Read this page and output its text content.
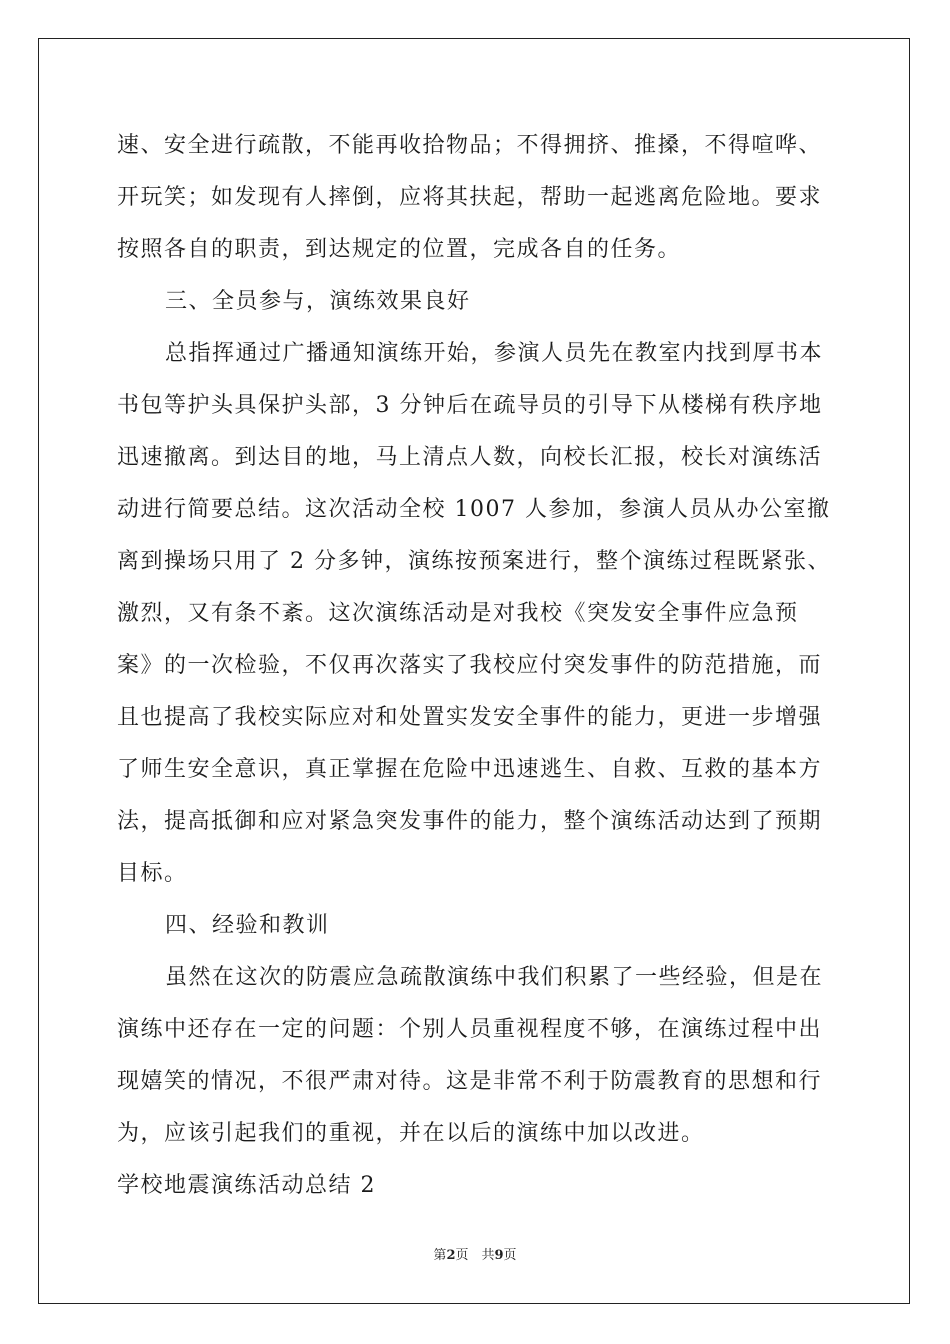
速、安全进行疏散，不能再收拾物品；不得拥挤、推搡，不得喧哗、
开玩笑；如发现有人摔倒，应将其扶起，帮助一起逃离危险地。要求
按照各自的职责，到达规定的位置，完成各自的任务。
三、全员参与，演练效果良好
总指挥通过广播通知演练开始，参演人员先在教室内找到厚书本
书包等护头具保护头部，3 分钟后在疏导员的引导下从楼梯有秩序地
迅速撤离。到达目的地，马上清点人数，向校长汇报，校长对演练活
动进行简要总结。这次活动全校 1007 人参加，参演人员从办公室撤
离到操场只用了 2 分多钟，演练按预案进行，整个演练过程既紧张、
激烈，又有条不紊。这次演练活动是对我校《突发安全事件应急预
案》的一次检验，不仅再次落实了我校应付突发事件的防范措施，而
且也提高了我校实际应对和处置实发安全事件的能力，更进一步增强
了师生安全意识，真正掌握在危险中迅速逃生、自救、互救的基本方
法，提高抵御和应对紧急突发事件的能力，整个演练活动达到了预期
目标。
四、经验和教训
虽然在这次的防震应急疏散演练中我们积累了一些经验，但是在
演练中还存在一定的问题：个别人员重视程度不够，在演练过程中出
现嬉笑的情况，不很严肃对待。这是非常不利于防震教育的思想和行
为，应该引起我们的重视，并在以后的演练中加以改进。
学校地震演练活动总结 2
第2页　共9页
